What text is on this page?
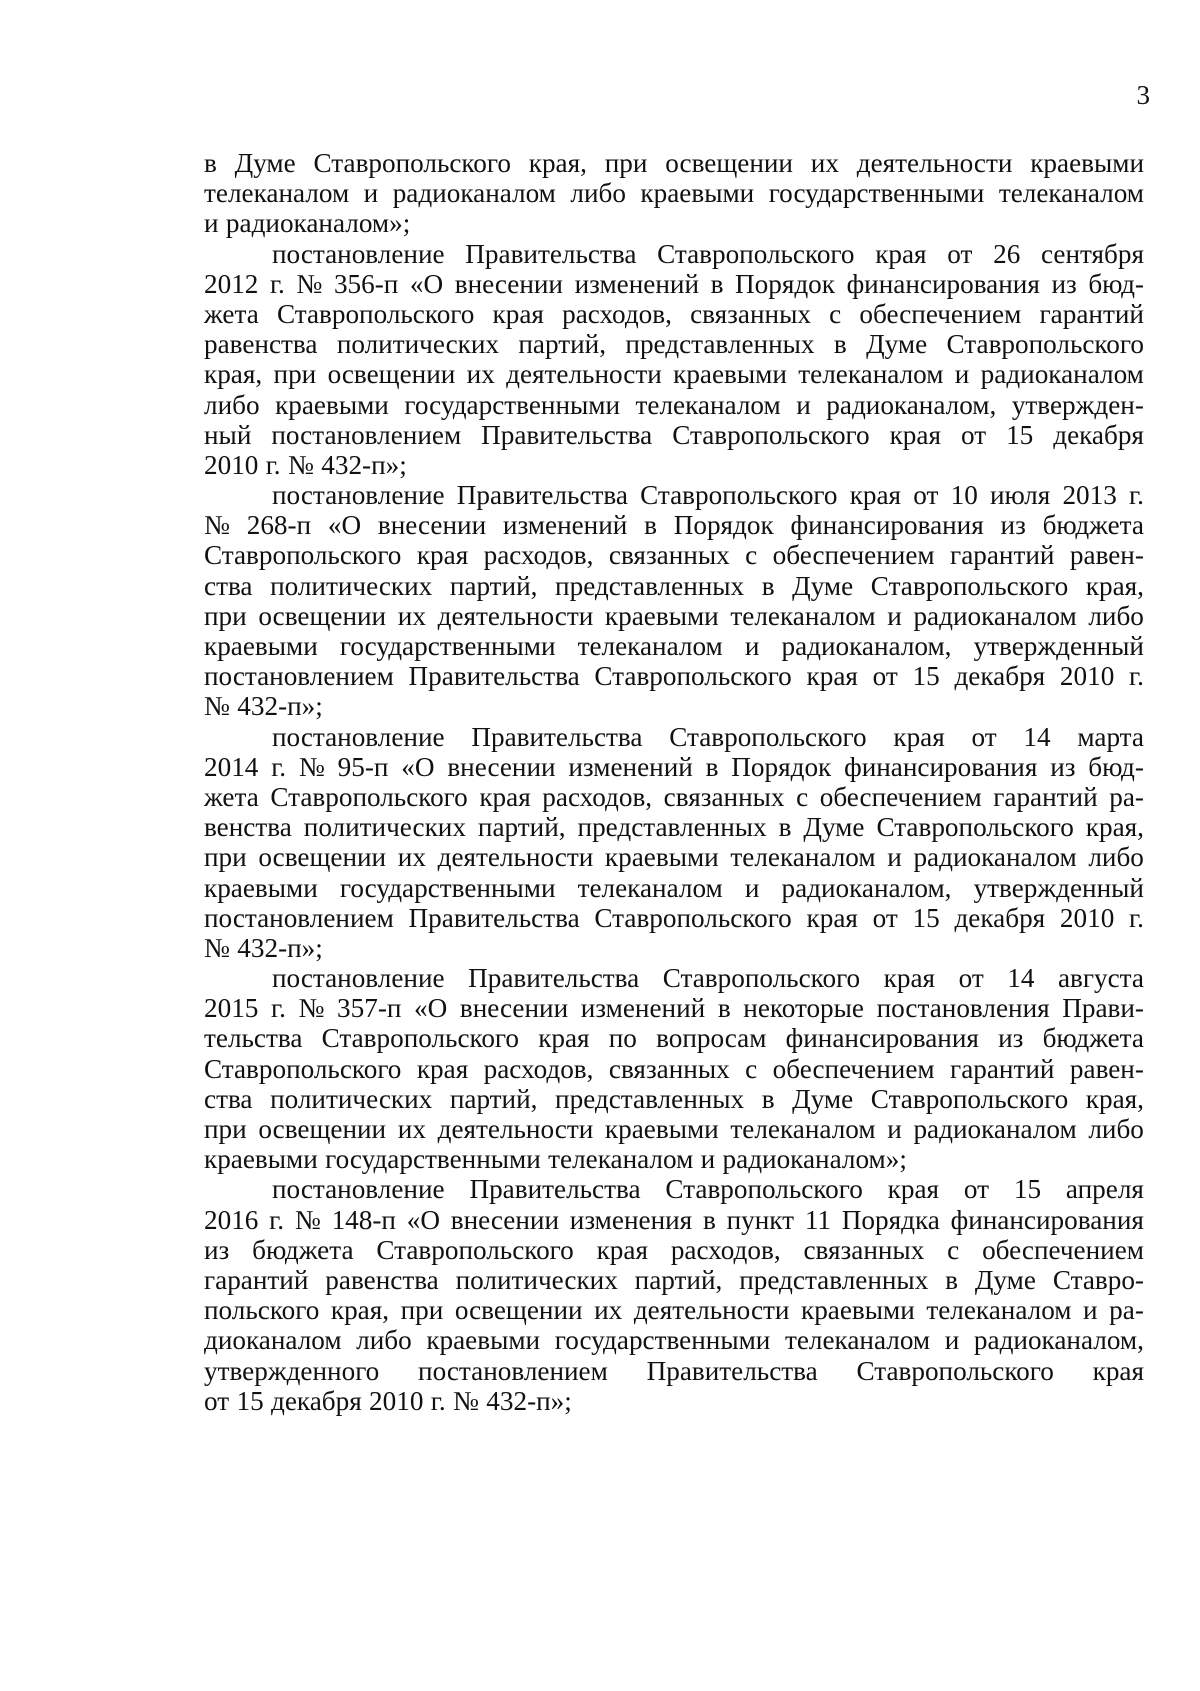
3
в Думе Ставропольского края, при освещении их деятельности краевыми
телеканалом и радиоканалом либо краевыми государственными телеканалом
и радиоканалом»;
постановление Правительства Ставропольского края от 26 сентября
2012 г. № 356-п «О внесении изменений в Порядок финансирования из бюд-
жета Ставропольского края расходов, связанных с обеспечением гарантий
равенства политических партий, представленных в Думе Ставропольского
края, при освещении их деятельности краевыми телеканалом и радиоканалом
либо краевыми государственными телеканалом и радиоканалом, утвержден-
ный постановлением Правительства Ставропольского края от 15 декабря
2010 г. № 432-п»;
постановление Правительства Ставропольского края от 10 июля 2013 г.
№ 268-п «О внесении изменений в Порядок финансирования из бюджета
Ставропольского края расходов, связанных с обеспечением гарантий равен-
ства политических партий, представленных в Думе Ставропольского края,
при освещении их деятельности краевыми телеканалом и радиоканалом либо
краевыми государственными телеканалом и радиоканалом, утвержденный
постановлением Правительства Ставропольского края от 15 декабря 2010 г.
№ 432-п»;
постановление Правительства Ставропольского края от 14 марта
2014 г. № 95-п «О внесении изменений в Порядок финансирования из бюд-
жета Ставропольского края расходов, связанных с обеспечением гарантий ра-
венства политических партий, представленных в Думе Ставропольского края,
при освещении их деятельности краевыми телеканалом и радиоканалом либо
краевыми государственными телеканалом и радиоканалом, утвержденный
постановлением Правительства Ставропольского края от 15 декабря 2010 г.
№ 432-п»;
постановление Правительства Ставропольского края от 14 августа
2015 г. № 357-п «О внесении изменений в некоторые постановления Прави-
тельства Ставропольского края по вопросам финансирования из бюджета
Ставропольского края расходов, связанных с обеспечением гарантий равен-
ства политических партий, представленных в Думе Ставропольского края,
при освещении их деятельности краевыми телеканалом и радиоканалом либо
краевыми государственными телеканалом и радиоканалом»;
постановление Правительства Ставропольского края от 15 апреля
2016 г. № 148-п «О внесении изменения в пункт 11 Порядка финансирования
из бюджета Ставропольского края расходов, связанных с обеспечением
гарантий равенства политических партий, представленных в Думе Ставро-
польского края, при освещении их деятельности краевыми телеканалом и ра-
диоканалом либо краевыми государственными телеканалом и радиоканалом,
утвержденного постановлением Правительства Ставропольского края
от 15 декабря 2010 г. № 432-п»;
